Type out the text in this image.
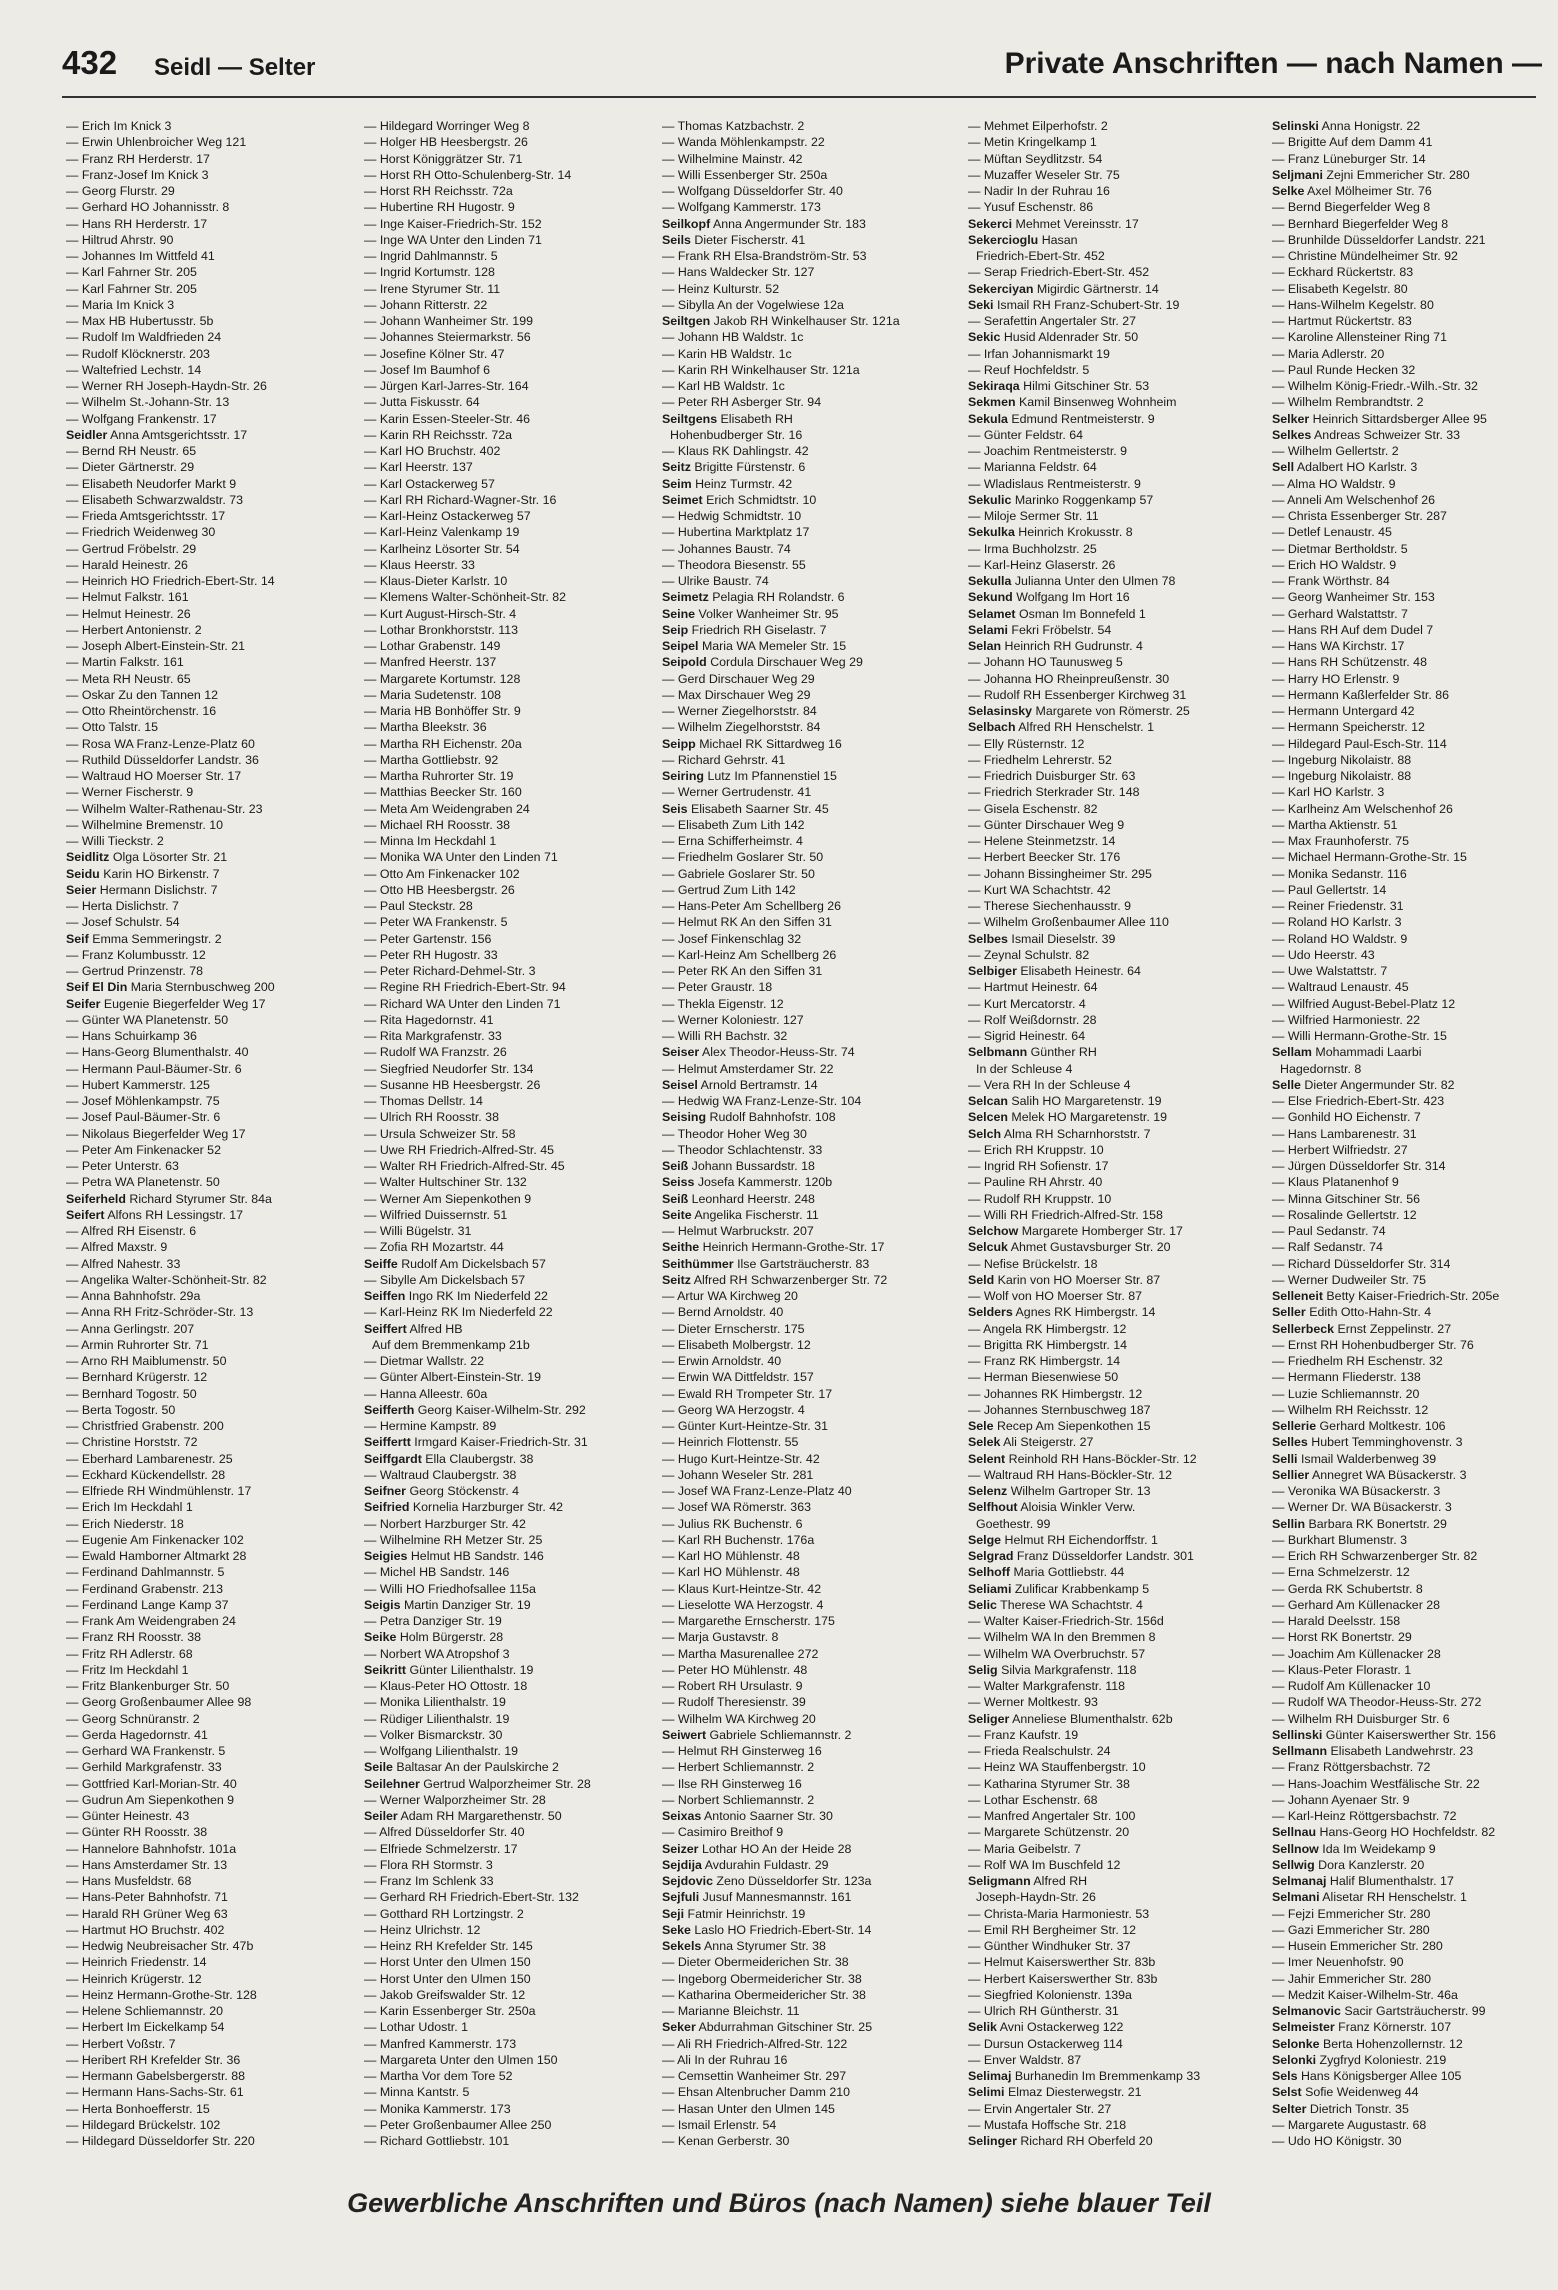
432 Seidl — Selter	Private Anschriften — nach Namen —
— Erich Im Knick 3
— Erwin Uhlenbroicher Weg 121
— Franz RH Herderstr. 17
— Franz-Josef Im Knick 3
— Georg Flurstr. 29
— Gerhard HO Johannisstr. 8
— Hans RH Herderstr. 17
— Hiltrud Ahrstr. 90
— Johannes Im Wittfeld 41
— Karl Fahrner Str. 205
— Karl Fahrner Str. 205
— Maria Im Knick 3
— Max HB Hubertusstr. 5b
— Rudolf Im Waldfrieden 24
— Rudolf Klöcknerstr. 203
— Waltefried Lechstr. 14
— Werner RH Joseph-Haydn-Str. 26
— Wilhelm St.-Johann-Str. 13
— Wolfgang Frankenstr. 17
Seidler Anna Amtsgerichtsstr. 17
— Bernd RH Neustr. 65
— Dieter Gärtnerstr. 29
— Elisabeth Neudorfer Markt 9
— Elisabeth Schwarzwaldstr. 73
— Frieda Amtsgerichtsstr. 17
— Friedrich Weidenweg 30
— Gertrud Fröbelstr. 29
— Harald Heinestr. 26
— Heinrich HO Friedrich-Ebert-Str. 14
— Helmut Falkstr. 161
— Helmut Heinestr. 26
— Herbert Antonienstr. 2
— Joseph Albert-Einstein-Str. 21
— Martin Falkstr. 161
— Meta RH Neustr. 65
— Oskar Zu den Tannen 12
— Otto Rheintörchenstr. 16
— Otto Talstr. 15
— Rosa WA Franz-Lenze-Platz 60
— Ruthild Düsseldorfer Landstr. 36
— Waltraud HO Moerser Str. 17
— Werner Fischerstr. 9
— Wilhelm Walter-Rathenau-Str. 23
— Wilhelmine Bremenstr. 10
— Willi Tieckstr. 2
Seidlitz Olga Lösorter Str. 21
Seidu Karin HO Birkenstr. 7
Seier Hermann Dislichstr. 7
— Herta Dislichstr. 7
— Josef Schulstr. 54
Seif Emma Semmeringstr. 2
— Franz Kolumbusstr. 12
— Gertrud Prinzenstr. 78
Seif El Din Maria Sternbuschweg 200
Seifer Eugenie Biegerfelder Weg 17
— Günter WA Planetenstr. 50
— Hans Schuirkamp 36
— Hans-Georg Blumenthalstr. 40
— Hermann Paul-Bäumer-Str. 6
— Hubert Kammerstr. 125
— Josef Möhlenkampstr. 75
— Josef Paul-Bäumer-Str. 6
— Nikolaus Biegerfelder Weg 17
— Peter Am Finkenacker 52
— Peter Unterstr. 63
— Petra WA Planetenstr. 50
Seiferheld Richard Styrumer Str. 84a
Seifert Alfons RH Lessingstr. 17
— Alfred RH Eisenstr. 6
— Alfred Maxstr. 9
— Alfred Nahestr. 33
— Angelika Walter-Schönheit-Str. 82
— Anna Bahnhofstr. 29a
— Anna RH Fritz-Schröder-Str. 13
— Anna Gerlingstr. 207
— Armin Ruhrorter Str. 71
— Arno RH Maiblumenstr. 50
— Bernhard Krügerstr. 12
— Bernhard Togostr. 50
— Berta Togostr. 50
— Christfried Grabenstr. 200
— Christine Horststr. 72
— Eberhard Lambarenestr. 25
— Eckhard Kückendellstr. 28
— Elfriede RH Windmühlenstr. 17
— Erich Im Heckdahl 1
— Erich Niederstr. 18
— Eugenie Am Finkenacker 102
— Ewald Hamborner Altmarkt 28
— Ferdinand Dahlmannstr. 5
— Ferdinand Grabenstr. 213
— Ferdinand Lange Kamp 37
— Frank Am Weidengraben 24
— Franz RH Roosstr. 38
— Fritz RH Adlerstr. 68
— Fritz Im Heckdahl 1
— Fritz Blankenburger Str. 50
— Georg Großenbaumer Allee 98
— Georg Schnüranstr. 2
— Gerda Hagedornstr. 41
— Gerhard WA Frankenstr. 5
— Gerhild Markgrafenstr. 33
— Gottfried Karl-Morian-Str. 40
— Gudrun Am Siepenkothen 9
— Günter Heinestr. 43
— Günter RH Roosstr. 38
— Hannelore Bahnhofstr. 101a
— Hans Amsterdamer Str. 13
— Hans Musfeldstr. 68
— Hans-Peter Bahnhofstr. 71
— Harald RH Grüner Weg 63
— Hartmut HO Bruchstr. 402
— Hedwig Neubreisacher Str. 47b
— Heinrich Friedenstr. 14
— Heinrich Krügerstr. 12
— Heinz Hermann-Grothe-Str. 128
— Helene Schliemannstr. 20
— Herbert Im Eickelkamp 54
— Herbert Voßstr. 7
— Heribert RH Krefelder Str. 36
— Hermann Gabelsbergerstr. 88
— Hermann Hans-Sachs-Str. 61
— Herta Bonhoefferstr. 15
— Hildegard Brückelstr. 102
— Hildegard Düsseldorfer Str. 220
— Hildegard Worringer Weg 8
— Holger HB Heesbergstr. 26
— Horst Königgrätzer Str. 71
— Horst RH Otto-Schulenberg-Str. 14
— Horst RH Reichsstr. 72a
— Hubertine RH Hugostr. 9
— Inge Kaiser-Friedrich-Str. 152
— Inge WA Unter den Linden 71
— Ingrid Dahlmannstr. 5
— Ingrid Kortumstr. 128
— Irene Styrumer Str. 11
— Johann Ritterstr. 22
— Johann Wanheimer Str. 199
— Johannes Steiermarkstr. 56
— Josefine Kölner Str. 47
— Josef Im Baumhof 6
— Jürgen Karl-Jarres-Str. 164
— Jutta Fiskusstr. 64
— Karin Essen-Steeler-Str. 46
— Karin RH Reichsstr. 72a
— Karl HO Bruchstr. 402
— Karl Heerstr. 137
— Karl Ostackerweg 57
— Karl RH Richard-Wagner-Str. 16
— Karl-Heinz Ostackerweg 57
— Karl-Heinz Valenkamp 19
— Karlheinz Lösorter Str. 54
— Klaus Heerstr. 33
— Klaus-Dieter Karlstr. 10
— Klemens Walter-Schönheit-Str. 82
— Kurt August-Hirsch-Str. 4
— Lothar Bronkhorststr. 113
— Lothar Grabenstr. 149
— Manfred Heerstr. 137
— Margarete Kortumstr. 128
— Maria Sudetenstr. 108
— Maria HB Bonhöffer Str. 9
— Martha Bleekstr. 36
— Martha RH Eichenstr. 20a
— Martha Gottliebstr. 92
— Martha Ruhrorter Str. 19
— Matthias Beecker Str. 160
— Meta Am Weidengraben 24
— Michael RH Roosstr. 38
— Minna Im Heckdahl 1
— Monika WA Unter den Linden 71
— Otto Am Finkenacker 102
— Otto HB Heesbergstr. 26
— Paul Steckstr. 28
— Peter WA Frankenstr. 5
— Peter Gartenstr. 156
— Peter RH Hugostr. 33
— Peter Richard-Dehmel-Str. 3
— Regine RH Friedrich-Ebert-Str. 94
— Richard WA Unter den Linden 71
— Rita Hagedornstr. 41
— Rita Markgrafenstr. 33
— Rudolf WA Franzstr. 26
— Siegfried Neudorfer Str. 134
— Susanne HB Heesbergstr. 26
— Thomas Dellstr. 14
— Ulrich RH Roosstr. 38
— Ursula Schweizer Str. 58
— Uwe RH Friedrich-Alfred-Str. 45
— Walter RH Friedrich-Alfred-Str. 45
— Walter Hultschiner Str. 132
— Werner Am Siepenkothen 9
— Wilfried Duissernstr. 51
— Willi Bügelstr. 31
— Zofia RH Mozartstr. 44
Seiffe Rudolf Am Dickelsbach 57
— Sibylle Am Dickelsbach 57
Seiffen Ingo RK Im Niederfeld 22
— Karl-Heinz RK Im Niederfeld 22
Seiffert Alfred HB
Auf dem Bremmenkamp 21b
— Dietmar Wallstr. 22
— Günter Albert-Einstein-Str. 19
— Hanna Alleestr. 60a
Seifferth Georg Kaiser-Wilhelm-Str. 292
— Hermine Kampstr. 89
Seiffertt Irmgard Kaiser-Friedrich-Str. 31
Seiffgardt Ella Claubergstr. 38
— Waltraud Claubergstr. 38
Seifner Georg Stöckenstr. 4
Seifried Kornelia Harzburger Str. 42
— Norbert Harzburger Str. 42
— Wilhelmine RH Metzer Str. 25
Seigies Helmut HB Sandstr. 146
— Michel HB Sandstr. 146
— Willi HO Friedhofsallee 115a
Seigis Martin Danziger Str. 19
— Petra Danziger Str. 19
Seike Holm Bürgerstr. 28
— Norbert WA Atropshof 3
Seikritt Günter Lilienthalstr. 19
— Klaus-Peter HO Ottostr. 18
— Monika Lilienthalstr. 19
— Rüdiger Lilienthalstr. 19
— Volker Bismarckstr. 30
— Wolfgang Lilienthalstr. 19
Seile Baltasar An der Paulskirche 2
Seilehner Gertrud Walporzheimer Str. 28
— Werner Walporzheimer Str. 28
Seiler Adam RH Margarethenstr. 50
— Alfred Düsseldorfer Str. 40
— Elfriede Schmelzerstr. 17
— Flora RH Stormstr. 3
— Franz Im Schlenk 33
— Gerhard RH Friedrich-Ebert-Str. 132
— Gotthard RH Lortzingstr. 2
— Heinz Ulrichstr. 12
— Heinz RH Krefelder Str. 145
— Horst Unter den Ulmen 150
— Horst Unter den Ulmen 150
— Jakob Greifswalder Str. 12
— Karin Essenberger Str. 250a
— Lothar Udostr. 1
— Manfred Kammerstr. 173
— Margareta Unter den Ulmen 150
— Martha Vor dem Tore 52
— Minna Kantstr. 5
— Monika Kammerstr. 173
— Peter Großenbaumer Allee 250
— Richard Gottliebstr. 101
— Thomas Katzbachstr. 2
— Wanda Möhlenkampstr. 22
— Wilhelmine Mainstr. 42
— Willi Essenberger Str. 250a
— Wolfgang Düsseldorfer Str. 40
— Wolfgang Kammerstr. 173
Seilkopf Anna Angermunder Str. 183
Seils Dieter Fischerstr. 41
— Frank RH Elsa-Brandström-Str. 53
— Hans Waldecker Str. 127
— Heinz Kulturstr. 52
— Sibylla An der Vogelwiese 12a
Seiltgen Jakob RH Winkelhauser Str. 121a
— Johann HB Waldstr. 1c
— Karin HB Waldstr. 1c
— Karin RH Winkelhauser Str. 121a
— Karl HB Waldstr. 1c
— Peter RH Asberger Str. 94
Seiltgens Elisabeth RH
Hohenbudberger Str. 16
— Klaus RK Dahlingstr. 42
Seitz Brigitte Fürstenstr. 6
Seim Heinz Turmstr. 42
Seimet Erich Schmidtstr. 10
— Hedwig Schmidtstr. 10
— Hubertina Marktplatz 17
— Johannes Baustr. 74
— Theodora Biesenstr. 55
— Ulrike Baustr. 74
Seimetz Pelagia RH Rolandstr. 6
Seine Volker Wanheimer Str. 95
Seip Friedrich RH Giselastr. 7
Seipel Maria WA Memeler Str. 15
Seipold Cordula Dirschauer Weg 29
— Gerd Dirschauer Weg 29
— Max Dirschauer Weg 29
— Werner Ziegelhorststr. 84
— Wilhelm Ziegelhorststr. 84
Seipp Michael RK Sittardweg 16
— Richard Gehrstr. 41
Seiring Lutz Im Pfannenstiel 15
— Werner Gertrudenstr. 41
Seis Elisabeth Saarner Str. 45
— Elisabeth Zum Lith 142
— Erna Schifferheimstr. 4
— Friedhelm Goslarer Str. 50
— Gabriele Goslarer Str. 50
— Gertrud Zum Lith 142
— Hans-Peter Am Schellberg 26
— Helmut RK An den Siffen 31
— Josef Finkenschlag 32
— Karl-Heinz Am Schellberg 26
— Peter RK An den Siffen 31
— Peter Graustr. 18
— Thekla Eigenstr. 12
— Werner Koloniestr. 127
— Willi RH Bachstr. 32
Seiser Alex Theodor-Heuss-Str. 74
— Helmut Amsterdamer Str. 22
Seisel Arnold Bertramstr. 14
— Hedwig WA Franz-Lenze-Str. 104
Seising Rudolf Bahnhofstr. 108
— Theodor Hoher Weg 30
— Theodor Schlachtenstr. 33
Seiß Johann Bussardstr. 18
Seiss Josefa Kammerstr. 120b
Seiß Leonhard Heerstr. 248
Seite Angelika Fischerstr. 11
— Helmut Warbruckstr. 207
Seithe Heinrich Hermann-Grothe-Str. 17
Seithümmer Ilse Gartsträucherstr. 83
Seitz Alfred RH Schwarzenberger Str. 72
— Artur WA Kirchweg 20
— Bernd Arnoldstr. 40
— Dieter Ernscherstr. 175
— Elisabeth Molbergstr. 12
— Erwin Arnoldstr. 40
— Erwin WA Dittfeldstr. 157
— Ewald RH Trompeter Str. 17
— Georg WA Herzogstr. 4
— Günter Kurt-Heintze-Str. 31
— Heinrich Flottenstr. 55
— Hugo Kurt-Heintze-Str. 42
— Johann Weseler Str. 281
— Josef WA Franz-Lenze-Platz 40
— Josef WA Römerstr. 363
— Julius RK Buchenstr. 6
— Karl RH Buchenstr. 176a
— Karl HO Mühlenstr. 48
— Karl HO Mühlenstr. 48
— Klaus Kurt-Heintze-Str. 42
— Lieselotte WA Herzogstr. 4
— Margarethe Ernscherstr. 175
— Marja Gustavstr. 8
— Martha Masurenallee 272
— Peter HO Mühlenstr. 48
— Robert RH Ursulastr. 9
— Rudolf Theresienstr. 39
— Wilhelm WA Kirchweg 20
Seiwert Gabriele Schliemannstr. 2
— Helmut RH Ginsterweg 16
— Herbert Schliemannstr. 2
— Ilse RH Ginsterweg 16
— Norbert Schliemannstr. 2
Seixas Antonio Saarner Str. 30
— Casimiro Breithof 9
Seizer Lothar HO An der Heide 28
Sejdija Avdurahin Fuldastr. 29
Sejdovic Zeno Düsseldorfer Str. 123a
Sejfuli Jusuf Mannesmannstr. 161
Seji Fatmir Heinrichstr. 19
Seke Laslo HO Friedrich-Ebert-Str. 14
Sekels Anna Styrumer Str. 38
— Dieter Obermeiderichen Str. 38
— Ingeborg Obermeidericher Str. 38
— Katharina Obermeidericher Str. 38
— Marianne Bleichstr. 11
Seker Abdurrahman Gitschiner Str. 25
— Ali RH Friedrich-Alfred-Str. 122
— Ali In der Ruhrau 16
— Cemsettin Wanheimer Str. 297
— Ehsan Altenbrucher Damm 210
— Hasan Unter den Ulmen 145
— Ismail Erlenstr. 54
— Kenan Gerberstr. 30
— Mehmet Eilperhofstr. 2
— Metin Kringelkamp 1
— Müftan Seydlitzstr. 54
— Muzaffer Weseler Str. 75
— Nadir In der Ruhrau 16
— Yusuf Eschenstr. 86
Sekerci Mehmet Vereinsstr. 17
Sekercioglu Hasan
Friedrich-Ebert-Str. 452
— Serap Friedrich-Ebert-Str. 452
Sekerciyan Migirdic Gärtnerstr. 14
Seki Ismail RH Franz-Schubert-Str. 19
— Serafettin Angertaler Str. 27
Sekic Husid Aldenrader Str. 50
— Irfan Johannismarkt 19
— Reuf Hochfeldstr. 5
Sekiraqa Hilmi Gitschiner Str. 53
Sekmen Kamil Binsenweg Wohnheim
Sekula Edmund Rentmeisterstr. 9
— Günter Feldstr. 64
— Joachim Rentmeisterstr. 9
— Marianna Feldstr. 64
— Wladislaus Rentmeisterstr. 9
Sekulic Marinko Roggenkamp 57
— Miloje Sermer Str. 11
Sekulka Heinrich Krokusstr. 8
— Irma Buchholzstr. 25
— Karl-Heinz Glaserstr. 26
Sekulla Julianna Unter den Ulmen 78
Sekund Wolfgang Im Hort 16
Selamet Osman Im Bonnefeld 1
Selami Fekri Fröbelstr. 54
Selan Heinrich RH Gudrunstr. 4
— Johann HO Taunusweg 5
— Johanna HO Rheinpreußenstr. 30
— Rudolf RH Essenberger Kirchweg 31
Selasinsky Margarete von Römerstr. 25
Selbach Alfred RH Henschelstr. 1
— Elly Rüsternstr. 12
— Friedhelm Lehrerstr. 52
— Friedrich Duisburger Str. 63
— Friedrich Sterkrader Str. 148
— Gisela Eschenstr. 82
— Günter Dirschauer Weg 9
— Helene Steinmetzstr. 14
— Herbert Beecker Str. 176
— Johann Bissingheimer Str. 295
— Kurt WA Schachtstr. 42
— Therese Siechenhausstr. 9
— Wilhelm Großenbaumer Allee 110
Selbes Ismail Dieselstr. 39
— Zeynal Schulstr. 82
Selbiger Elisabeth Heinestr. 64
— Hartmut Heinestr. 64
— Kurt Mercatorstr. 4
— Rolf Weißdornstr. 28
— Sigrid Heinestr. 64
Selbmann Günther RH
In der Schleuse 4
— Vera RH In der Schleuse 4
Selcan Salih HO Margaretenstr. 19
Selcen Melek HO Margaretenstr. 19
Selch Alma RH Scharnhorststr. 7
— Erich RH Kruppstr. 10
— Ingrid RH Sofienstr. 17
— Pauline RH Ahrstr. 40
— Rudolf RH Kruppstr. 10
— Willi RH Friedrich-Alfred-Str. 158
Selchow Margarete Homberger Str. 17
Selcuk Ahmet Gustavsburger Str. 20
— Nefise Brückelstr. 18
Seld Karin von HO Moerser Str. 87
— Wolf von HO Moerser Str. 87
Selders Agnes RK Himbergstr. 14
— Angela RK Himbergstr. 12
— Brigitta RK Himbergstr. 14
— Franz RK Himbergstr. 14
— Herman Biesenwiese 50
— Johannes RK Himbergstr. 12
— Johannes Sternbuschweg 187
Sele Recep Am Siepenkothen 15
Selek Ali Steigerstr. 27
Selent Reinhold RH Hans-Böckler-Str. 12
— Waltraud RH Hans-Böckler-Str. 12
Selenz Wilhelm Gartroper Str. 13
Selfhout Aloisia Winkler Verw.
Goethestr. 99
Selge Helmut RH Eichendorffstr. 1
Selgrad Franz Düsseldorfer Landstr. 301
Selhoff Maria Gottliebstr. 44
Seliami Zulificar Krabbenkamp 5
Selic Therese WA Schachtstr. 4
— Walter Kaiser-Friedrich-Str. 156d
— Wilhelm WA In den Bremmen 8
— Wilhelm WA Overbruchstr. 57
Selig Silvia Markgrafenstr. 118
— Walter Markgrafenstr. 118
— Werner Moltkestr. 93
Seliger Anneliese Blumenthalstr. 62b
— Franz Kaufstr. 19
— Frieda Realschulstr. 24
— Heinz WA Stauffenbergstr. 10
— Katharina Styrumer Str. 38
— Lothar Eschenstr. 68
— Manfred Angertaler Str. 100
— Margarete Schützenstr. 20
— Maria Geibelstr. 7
— Rolf WA Im Buschfeld 12
Seligmann Alfred RH
Joseph-Haydn-Str. 26
— Christa-Maria Harmoniestr. 53
— Emil RH Bergheimer Str. 12
— Günther Windhuker Str. 37
— Helmut Kaiserswerther Str. 83b
— Herbert Kaiserswerther Str. 83b
— Siegfried Kolonienstr. 139a
— Ulrich RH Güntherstr. 31
Selik Avni Ostackerweg 122
— Dursun Ostackerweg 114
— Enver Waldstr. 87
Selimaj Burhanedin Im Bremmenkamp 33
Selimi Elmaz Diesterwegstr. 21
— Ervin Angertaler Str. 27
— Mustafa Hoffsche Str. 218
Selinger Richard RH Oberfeld 20
Selinski Anna Honigstr. 22
— Brigitte Auf dem Damm 41
— Franz Lüneburger Str. 14
Seljmani Zejni Emmericher Str. 280
Selke Axel Mölheimer Str. 76
— Bernd Biegerfelder Weg 8
— Bernhard Biegerfelder Weg 8
— Brunhilde Düsseldorfer Landstr. 221
— Christine Mündelheimer Str. 92
— Eckhard Rückertstr. 83
— Elisabeth Kegelstr. 80
— Hans-Wilhelm Kegelstr. 80
— Hartmut Rückertstr. 83
— Karoline Allensteiner Ring 71
— Maria Adlerstr. 20
— Paul Runde Hecken 32
— Wilhelm König-Friedr.-Wilh.-Str. 32
— Wilhelm Rembrandtstr. 2
Selker Heinrich Sittardsberger Allee 95
Selkes Andreas Schweizer Str. 33
— Wilhelm Gellertstr. 2
Sell Adalbert HO Karlstr. 3
— Alma HO Waldstr. 9
— Anneli Am Welschenhof 26
— Christa Essenberger Str. 287
— Detlef Lenaustr. 45
— Dietmar Bertholdstr. 5
— Erich HO Waldstr. 9
— Frank Wörthstr. 84
— Georg Wanheimer Str. 153
— Gerhard Walstattstr. 7
— Hans RH Auf dem Dudel 7
— Hans WA Kirchstr. 17
— Hans RH Schützenstr. 48
— Harry HO Erlenstr. 9
— Hermann Kaßlerfelder Str. 86
— Hermann Untergard 42
— Hermann Speicherstr. 12
— Hildegard Paul-Esch-Str. 114
— Ingeburg Nikolaistr. 88
— Ingeburg Nikolaistr. 88
— Karl HO Karlstr. 3
— Karlheinz Am Welschenhof 26
— Martha Aktienstr. 51
— Max Fraunhoferstr. 75
— Michael Hermann-Grothe-Str. 15
— Monika Sedanstr. 116
— Paul Gellertstr. 14
— Reiner Friedenstr. 31
— Roland HO Karlstr. 3
— Roland HO Waldstr. 9
— Udo Heerstr. 43
— Uwe Walstattstr. 7
— Waltraud Lenaustr. 45
— Wilfried August-Bebel-Platz 12
— Wilfried Harmoniestr. 22
— Willi Hermann-Grothe-Str. 15
Sellam Mohammadi Laarbi
Hagedornstr. 8
Selle Dieter Angermunder Str. 82
— Else Friedrich-Ebert-Str. 423
— Gonhild HO Eichenstr. 7
— Hans Lambarenestr. 31
— Herbert Wilfriedstr. 27
— Jürgen Düsseldorfer Str. 314
— Klaus Platanenhof 9
— Minna Gitschiner Str. 56
— Rosalinde Gellertstr. 12
— Paul Sedanstr. 74
— Ralf Sedanstr. 74
— Richard Düsseldorfer Str. 314
— Werner Dudweiler Str. 75
Selleneit Betty Kaiser-Friedrich-Str. 205e
Seller Edith Otto-Hahn-Str. 4
Sellerbeck Ernst Zeppelinstr. 27
— Ernst RH Hohenbudberger Str. 76
— Friedhelm RH Eschenstr. 32
— Hermann Fliederstr. 138
— Luzie Schliemannstr. 20
— Wilhelm RH Reichsstr. 12
Sellerie Gerhard Moltkestr. 106
Selles Hubert Temminghovenstr. 3
Selli Ismail Walderbenweg 39
Sellier Annegret WA Büsackerstr. 3
— Veronika WA Büsackerstr. 3
— Werner Dr. WA Büsackerstr. 3
Sellin Barbara RK Bonertstr. 29
— Burkhart Blumenstr. 3
— Erich RH Schwarzenberger Str. 82
— Erna Schmelzerstr. 12
— Gerda RK Schubertstr. 8
— Gerhard Am Küllenacker 28
— Harald Deelsstr. 158
— Horst RK Bonertstr. 29
— Joachim Am Küllenacker 28
— Klaus-Peter Florastr. 1
— Rudolf Am Küllenacker 10
— Rudolf WA Theodor-Heuss-Str. 272
— Wilhelm RH Duisburger Str. 6
Sellinski Günter Kaiserswerther Str. 156
Sellmann Elisabeth Landwehrstr. 23
— Franz Röttgersbachstr. 72
— Hans-Joachim Westfälische Str. 22
— Johann Ayenaer Str. 9
— Karl-Heinz Röttgersbachstr. 72
Sellnau Hans-Georg HO Hochfeldstr. 82
Sellnow Ida Im Weidekamp 9
Sellwig Dora Kanzlerstr. 20
Selmanaj Halif Blumenthalstr. 17
Selmani Alisetar RH Henschelstr. 1
— Fejzi Emmericher Str. 280
— Gazi Emmericher Str. 280
— Husein Emmericher Str. 280
— Imer Neuenhofstr. 90
— Jahir Emmericher Str. 280
— Medzit Kaiser-Wilhelm-Str. 46a
Selmanovic Sacir Gartsträucherstr. 99
Selmeister Franz Körnerstr. 107
Selonke Berta Hohenzollernstr. 12
Selonki Zygfryd Koloniestr. 219
Sels Hans Königsberger Allee 105
Selst Sofie Weidenweg 44
Selter Dietrich Tonstr. 35
— Margarete Augustastr. 68
— Udo HO Königstr. 30
Gewerbliche Anschriften und Büros (nach Namen) siehe blauer Teil
